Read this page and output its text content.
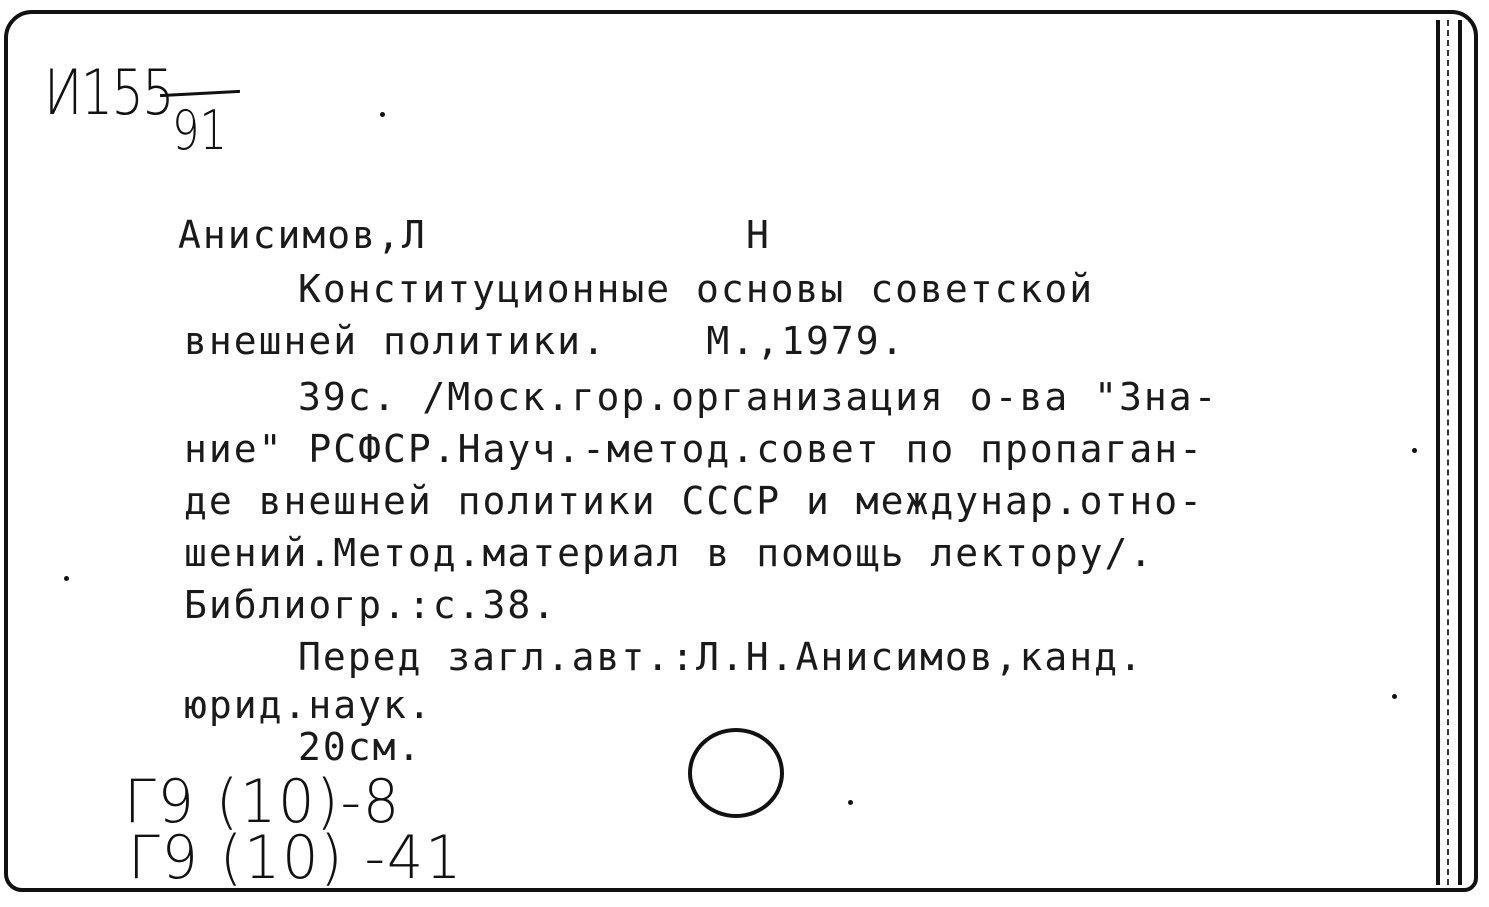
И155
91
Анисимов,Л	Н
Конституционные основы советской
внешней политики.    М.,1979.
39с. /Моск.гор.организация о-ва "Зна-
ние" РСФСР.Науч.-метод.совет по пропаган-
де внешней политики СССР и междунар.отно-
шений.Метод.материал в помощь лектору/.
Библиогр.:с.38.
Перед загл.авт.:Л.Н.Анисимов,канд.
юрид.наук.
20см.
Г9 (10)-8
Г9 (10) -41
